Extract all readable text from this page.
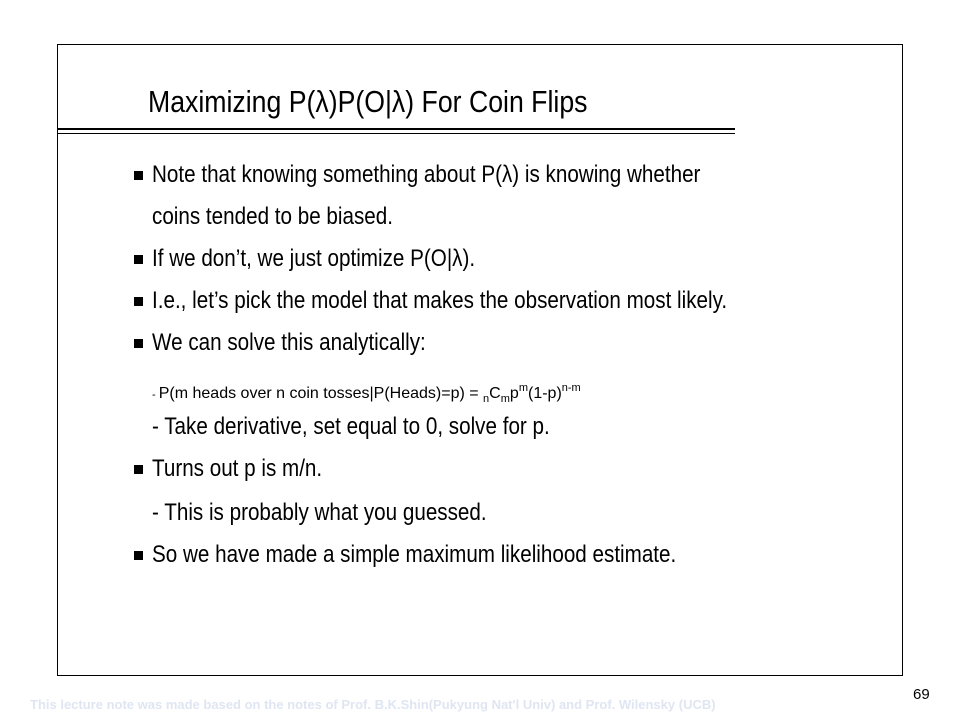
Maximizing P(λ)P(O|λ) For Coin Flips
Note that knowing something about P(λ) is knowing whether
coins tended to be biased.
If we don’t, we just optimize P(O|λ).
I.e., let’s pick the model that makes the observation most likely.
We can solve this analytically:
- P(m heads over n coin tosses|P(Heads)=p) = $_nC_mp^m(1-p)^{n-m}$
- Take derivative, set equal to 0, solve for p.
Turns out p is m/n.
- This is probably what you guessed.
So we have made a simple maximum likelihood estimate.
This lecture note was made based on the notes of Prof. B.K.Shin(Pukyung Nat'l Univ) and Prof. Wilensky (UCB)
69
